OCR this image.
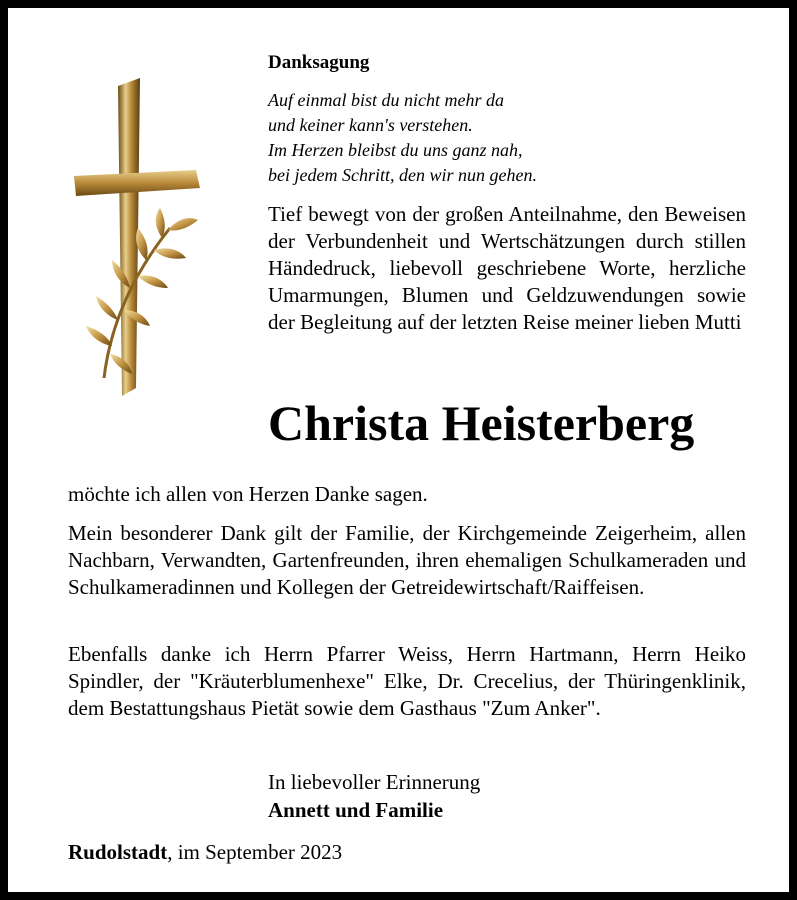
Danksagung
Auf einmal bist du nicht mehr da
und keiner kann's verstehen.
Im Herzen bleibst du uns ganz nah,
bei jedem Schritt, den wir nun gehen.
Tief bewegt von der großen Anteilnahme, den Beweisen der Verbundenheit und Wertschätzungen durch stillen Händedruck, liebevoll geschriebene Worte, herzliche Umarmungen, Blumen und Geldzuwendungen sowie der Begleitung auf der letzten Reise meiner lieben Mutti
Christa Heisterberg
möchte ich allen von Herzen Danke sagen.
Mein besonderer Dank gilt der Familie, der Kirchgemeinde Zeigerheim, allen Nachbarn, Verwandten, Gartenfreunden, ihren ehemaligen Schulkameraden und Schulkameradinnen und Kollegen der Getreidewirtschaft/Raiffeisen.
Ebenfalls danke ich Herrn Pfarrer Weiss, Herrn Hartmann, Herrn Heiko Spindler, der "Kräuterblumenhexe" Elke, Dr. Crecelius, der Thüringenklinik, dem Bestattungshaus Pietät sowie dem Gasthaus "Zum Anker".
In liebevoller Erinnerung
Annett und Familie
Rudolstadt, im September 2023
